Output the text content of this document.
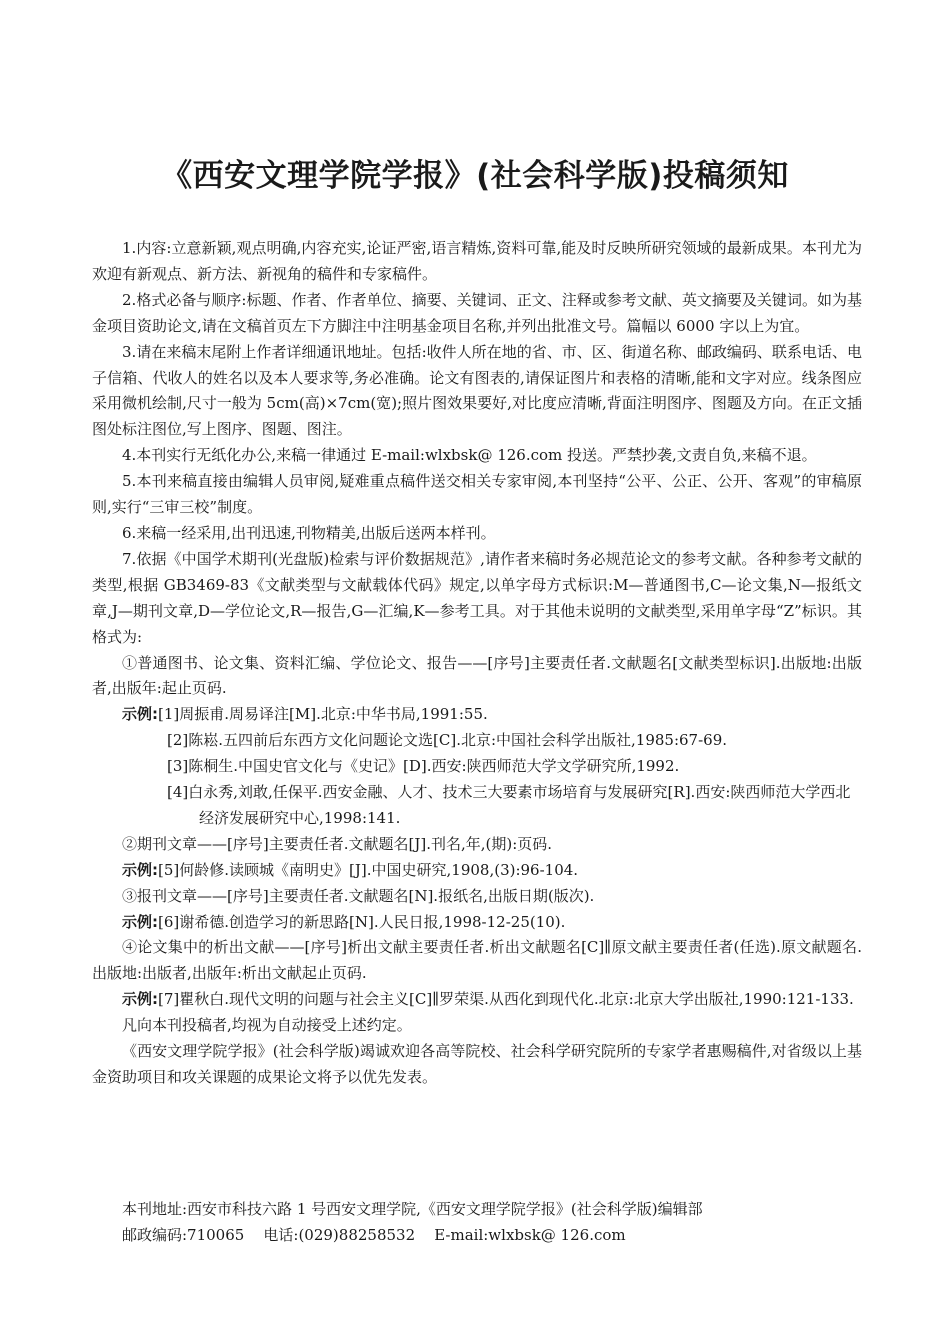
《西安文理学院学报》(社会科学版)投稿须知

1.内容:立意新颖,观点明确,内容充实,论证严密,语言精炼,资料可靠,能及时反映所研究领域的最新成果。本刊尤为欢迎有新观点、新方法、新视角的稿件和专家稿件。

2.格式必备与顺序:标题、作者、作者单位、摘要、关键词、正文、注释或参考文献、英文摘要及关键词。如为基金项目资助论文,请在文稿首页左下方脚注中注明基金项目名称,并列出批准文号。篇幅以 6000 字以上为宜。

3.请在来稿末尾附上作者详细通讯地址。包括:收件人所在地的省、市、区、街道名称、邮政编码、联系电话、电子信箱、代收人的姓名以及本人要求等,务必准确。论文有图表的,请保证图片和表格的清晰,能和文字对应。线条图应采用微机绘制,尺寸一般为 5cm(高)×7cm(宽);照片图效果要好,对比度应清晰,背面注明图序、图题及方向。在正文插图处标注图位,写上图序、图题、图注。

4.本刊实行无纸化办公,来稿一律通过 E-mail:wlxbsk@ 126.com 投送。严禁抄袭,文责自负,来稿不退。

5.本刊来稿直接由编辑人员审阅,疑难重点稿件送交相关专家审阅,本刊坚持“公平、公正、公开、客观”的审稿原则,实行“三审三校”制度。

6.来稿一经采用,出刊迅速,刊物精美,出版后送两本样刊。

7.依据《中国学术期刊(光盘版)检索与评价数据规范》,请作者来稿时务必规范论文的参考文献。各种参考文献的类型,根据 GB3469-83《文献类型与文献载体代码》规定,以单字母方式标识:M—普通图书,C—论文集,N—报纸文章,J—期刊文章,D—学位论文,R—报告,G—汇编,K—参考工具。对于其他未说明的文献类型,采用单字母“Z”标识。其格式为:

①普通图书、论文集、资料汇编、学位论文、报告——[序号]主要责任者.文献题名[文献类型标识].出版地:出版者,出版年:起止页码.

示例:[1]周振甫.周易译注[M].北京:中华书局,1991:55.

[2]陈崧.五四前后东西方文化问题论文选[C].北京:中国社会科学出版社,1985:67-69.

[3]陈桐生.中国史官文化与《史记》[D].西安:陕西师范大学文学研究所,1992.

[4]白永秀,刘敢,任保平.西安金融、人才、技术三大要素市场培育与发展研究[R].西安:陕西师范大学西北经济发展研究中心,1998:141.

②期刊文章——[序号]主要责任者.文献题名[J].刊名,年,(期):页码.

示例:[5]何龄修.读顾城《南明史》[J].中国史研究,1908,(3):96-104.

③报刊文章——[序号]主要责任者.文献题名[N].报纸名,出版日期(版次).

示例:[6]谢希德.创造学习的新思路[N].人民日报,1998-12-25(10).

④论文集中的析出文献——[序号]析出文献主要责任者.析出文献题名[C]∥原文献主要责任者(任选).原文献题名.出版地:出版者,出版年:析出文献起止页码.

示例:[7]瞿秋白.现代文明的问题与社会主义[C]∥罗荣渠.从西化到现代化.北京:北京大学出版社,1990:121-133.

凡向本刊投稿者,均视为自动接受上述约定。

《西安文理学院学报》(社会科学版)竭诚欢迎各高等院校、社会科学研究院所的专家学者惠赐稿件,对省级以上基金资助项目和攻关课题的成果论文将予以优先发表。

本刊地址:西安市科技六路 1 号西安文理学院,《西安文理学院学报》(社会科学版)编辑部
邮政编码:710065    电话:(029)88258532    E-mail:wlxbsk@ 126.com
